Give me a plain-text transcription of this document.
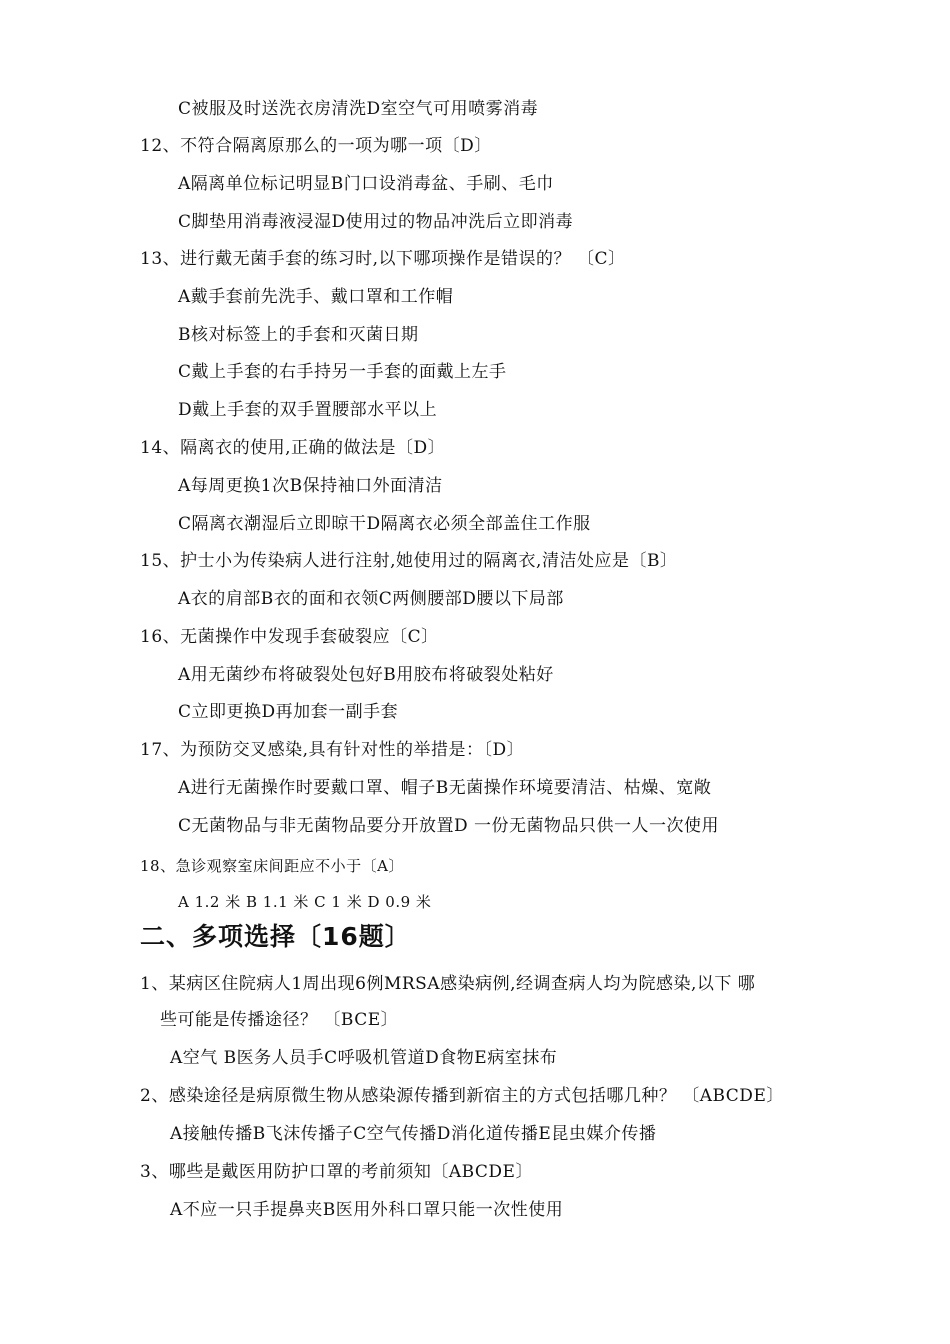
C被服及时送洗衣房清洗D室空气可用喷雾消毒
12、不符合隔离原那么的一项为哪一项〔D〕
A隔离单位标记明显B门口设消毒盆、手刷、毛巾
C脚垫用消毒液浸湿D使用过的物品冲洗后立即消毒
13、进行戴无菌手套的练习时,以下哪项操作是错误的？ 〔C〕
A戴手套前先洗手、戴口罩和工作帽
B核对标签上的手套和灭菌日期
C戴上手套的右手持另一手套的面戴上左手
D戴上手套的双手置腰部水平以上
14、隔离衣的使用,正确的做法是〔D〕
A每周更换1次B保持袖口外面清洁
C隔离衣潮湿后立即晾干D隔离衣必须全部盖住工作服
15、护士小为传染病人进行注射,她使用过的隔离衣,清洁处应是〔B〕
A衣的肩部B衣的面和衣领C两侧腰部D腰以下局部
16、无菌操作中发现手套破裂应〔C〕
A用无菌纱布将破裂处包好B用胶布将破裂处粘好
C立即更换D再加套一副手套
17、为预防交叉感染,具有针对性的举措是：〔D〕
A进行无菌操作时要戴口罩、帽子B无菌操作环境要清洁、枯燥、宽敞
C无菌物品与非无菌物品要分开放置D 一份无菌物品只供一人一次使用
18、急诊观察室床间距应不小于〔A〕
A 1.2 米 B 1.1 米 C 1 米 D 0.9 米
二、多项选择〔16题〕
1、某病区住院病人1周出现6例MRSA感染病例,经调查病人均为院感染,以下 哪
些可能是传播途径？ 〔BCE〕
A空气 B医务人员手C呼吸机管道D食物E病室抹布
2、感染途径是病原微生物从感染源传播到新宿主的方式包括哪几种？ 〔ABCDE〕
A接触传播B飞沫传播子C空气传播D消化道传播E昆虫媒介传播
3、哪些是戴医用防护口罩的考前须知〔ABCDE〕
A不应一只手提鼻夹B医用外科口罩只能一次性使用
